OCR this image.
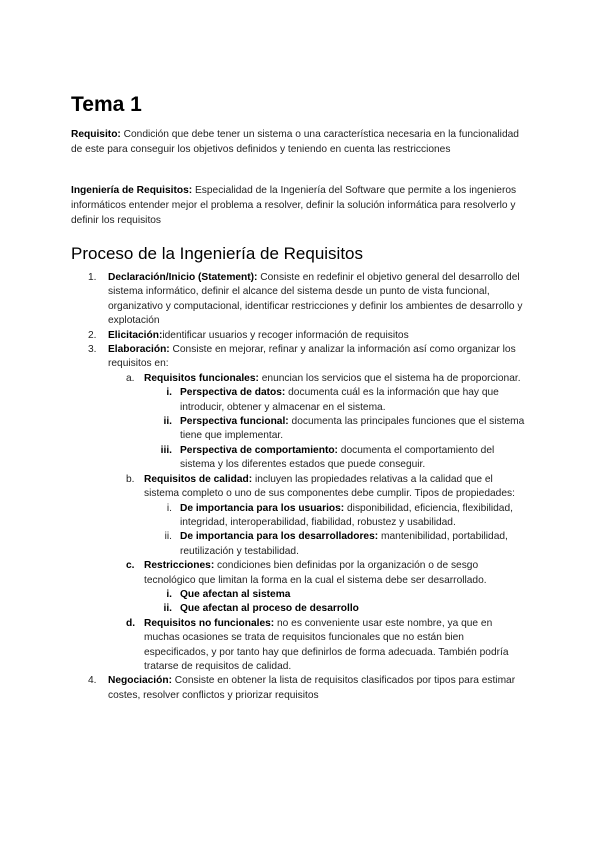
Tema 1

Requisito: Condición que debe tener un sistema o una característica necesaria en la funcionalidad de este para conseguir los objetivos definidos y teniendo en cuenta las restricciones

Ingeniería de Requisitos: Especialidad de la Ingeniería del Software que permite a los ingenieros informáticos entender mejor el problema a resolver, definir la solución informática para resolverlo y definir los requisitos

Proceso de la Ingeniería de Requisitos
1. Declaración/Inicio (Statement): Consiste en redefinir el objetivo general del desarrollo del sistema informático, definir el alcance del sistema desde un punto de vista funcional, organizativo y computacional, identificar restricciones y definir los ambientes de desarrollo y explotación
2. Elicitación:identificar usuarios y recoger información de requisitos
3. Elaboración: Consiste en mejorar, refinar y analizar la información así como organizar los requisitos en:
a. Requisitos funcionales: enuncian los servicios que el sistema ha de proporcionar.
i. Perspectiva de datos: documenta cuál es la información que hay que introducir, obtener y almacenar en el sistema.
ii. Perspectiva funcional: documenta las principales funciones que el sistema tiene que implementar.
iii. Perspectiva de comportamiento: documenta el comportamiento del sistema y los diferentes estados que puede conseguir.
b. Requisitos de calidad: incluyen las propiedades relativas a la calidad que el sistema completo o uno de sus componentes debe cumplir. Tipos de propiedades:
i. De importancia para los usuarios: disponibilidad, eficiencia, flexibilidad, integridad, interoperabilidad, fiabilidad, robustez y usabilidad.
ii. De importancia para los desarrolladores: mantenibilidad, portabilidad, reutilización y testabilidad.
c. Restricciones: condiciones bien definidas por la organización o de sesgo tecnológico que limitan la forma en la cual el sistema debe ser desarrollado.
i. Que afectan al sistema
ii. Que afectan al proceso de desarrollo
d. Requisitos no funcionales: no es conveniente usar este nombre, ya que en muchas ocasiones se trata de requisitos funcionales que no están bien especificados, y por tanto hay que definirlos de forma adecuada. También podría tratarse de requisitos de calidad.
4. Negociación: Consiste en obtener la lista de requisitos clasificados por tipos para estimar costes, resolver conflictos y priorizar requisitos
